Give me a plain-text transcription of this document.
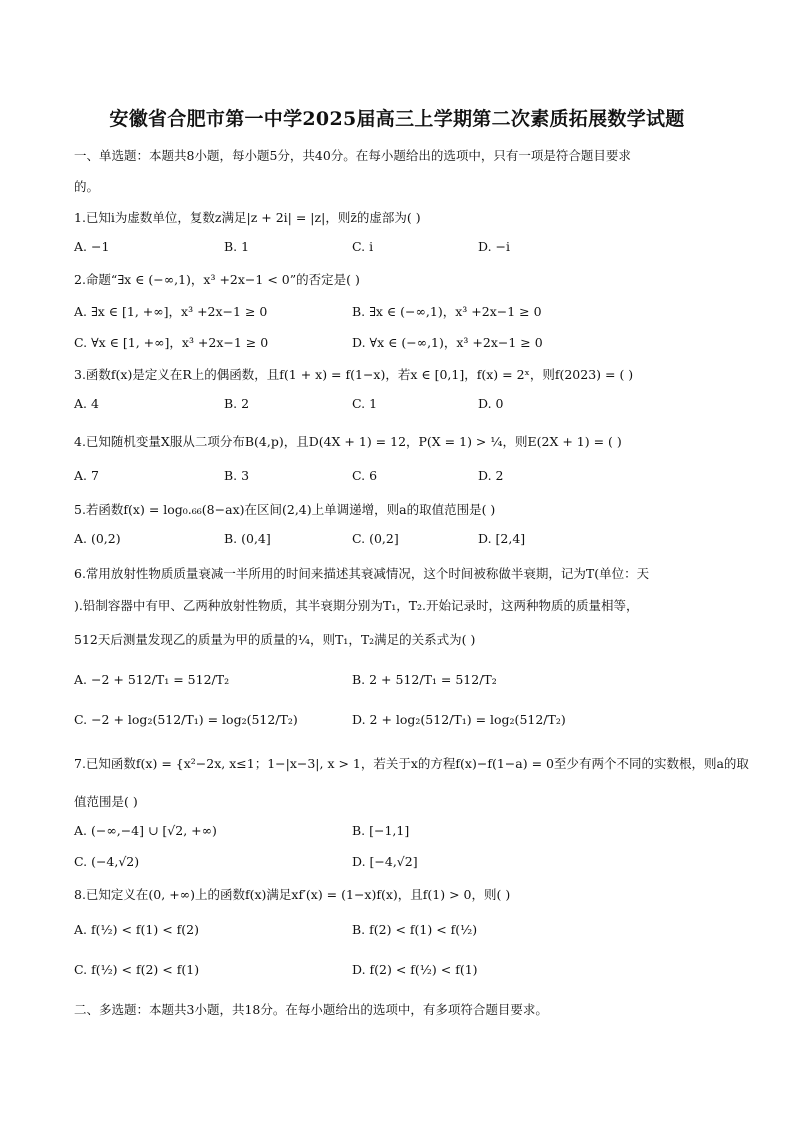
安徽省合肥市第一中学2025届高三上学期第二次素质拓展数学试题
一、单选题：本题共8小题，每小题5分，共40分。在每小题给出的选项中，只有一项是符合题目要求
的。
1.已知i为虚数单位，复数z满足|z + 2i| = |z|，则z̄的虚部为( )
A. −1	B. 1	C. i	D. −i
2.命题“∃x ∈ (−∞,1)，x³ +2x−1 < 0”的否定是( )
A. ∃x ∈ [1, +∞]，x³ +2x−1 ≥ 0	B. ∃x ∈ (−∞,1)，x³ +2x−1 ≥ 0
C. ∀x ∈ [1, +∞]，x³ +2x−1 ≥ 0	D. ∀x ∈ (−∞,1)，x³ +2x−1 ≥ 0
3.函数f(x)是定义在R上的偶函数，且f(1 + x) = f(1−x)，若x ∈ [0,1]，f(x) = 2ˣ，则f(2023) = ( )
A. 4	B. 2	C. 1	D. 0
4.已知随机变量X服从二项分布B(4,p)，且D(4X + 1) = 12，P(X = 1) > ¼，则E(2X + 1) = ( )
A. 7	B. 3	C. 6	D. 2
5.若函数f(x) = log₀.₆₆(8−ax)在区间(2,4)上单调递增，则a的取值范围是( )
A. (0,2)	B. (0,4]	C. (0,2]	D. [2,4]
6.常用放射性物质质量衰减一半所用的时间来描述其衰减情况，这个时间被称做半衰期，记为T(单位：天
).铅制容器中有甲、乙两种放射性物质，其半衰期分别为T₁，T₂.开始记录时，这两种物质的质量相等，
512天后测量发现乙的质量为甲的质量的¼，则T₁，T₂满足的关系式为( )
A. −2 + 512/T₁ = 512/T₂	B. 2 + 512/T₁ = 512/T₂
C. −2 + log₂(512/T₁) = log₂(512/T₂)	D. 2 + log₂(512/T₁) = log₂(512/T₂)
7.已知函数f(x) = {x²−2x, x≤1；1−|x−3|, x > 1，若关于x的方程f(x)−f(1−a) = 0至少有两个不同的实数根，则a的取
值范围是( )
A. (−∞,−4] ∪ [√2, +∞)	B. [−1,1]
C. (−4,√2)	D. [−4,√2]
8.已知定义在(0, +∞)上的函数f(x)满足xf′(x) = (1−x)f(x)，且f(1) > 0，则( )
A. f(½) < f(1) < f(2)	B. f(2) < f(1) < f(½)
C. f(½) < f(2) < f(1)	D. f(2) < f(½) < f(1)
二、多选题：本题共3小题，共18分。在每小题给出的选项中，有多项符合题目要求。
